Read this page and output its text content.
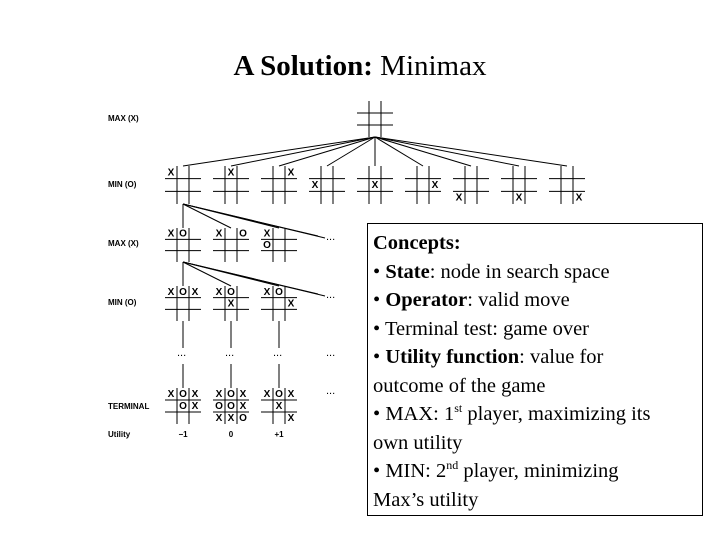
A Solution: Minimax
MAX (X)
MIN (O)
MAX (X)
MIN (O)
TERMINAL
Utility
X	X	X
X	X	X
X	X	X
X O	X O X
O
X O X X O
X
X O
X
X O X
O X
X O X
O O X
X X O
X O X
X
X
...
...
...	...	...	...
...
−1	0	+1
Concepts:
• State: node in search space
• Operator: valid move
• Terminal test: game over
• Utility function: value for
outcome of the game
• MAX: 1st player, maximizing its
own utility
• MIN: 2nd player, minimizing
Max’s utility
